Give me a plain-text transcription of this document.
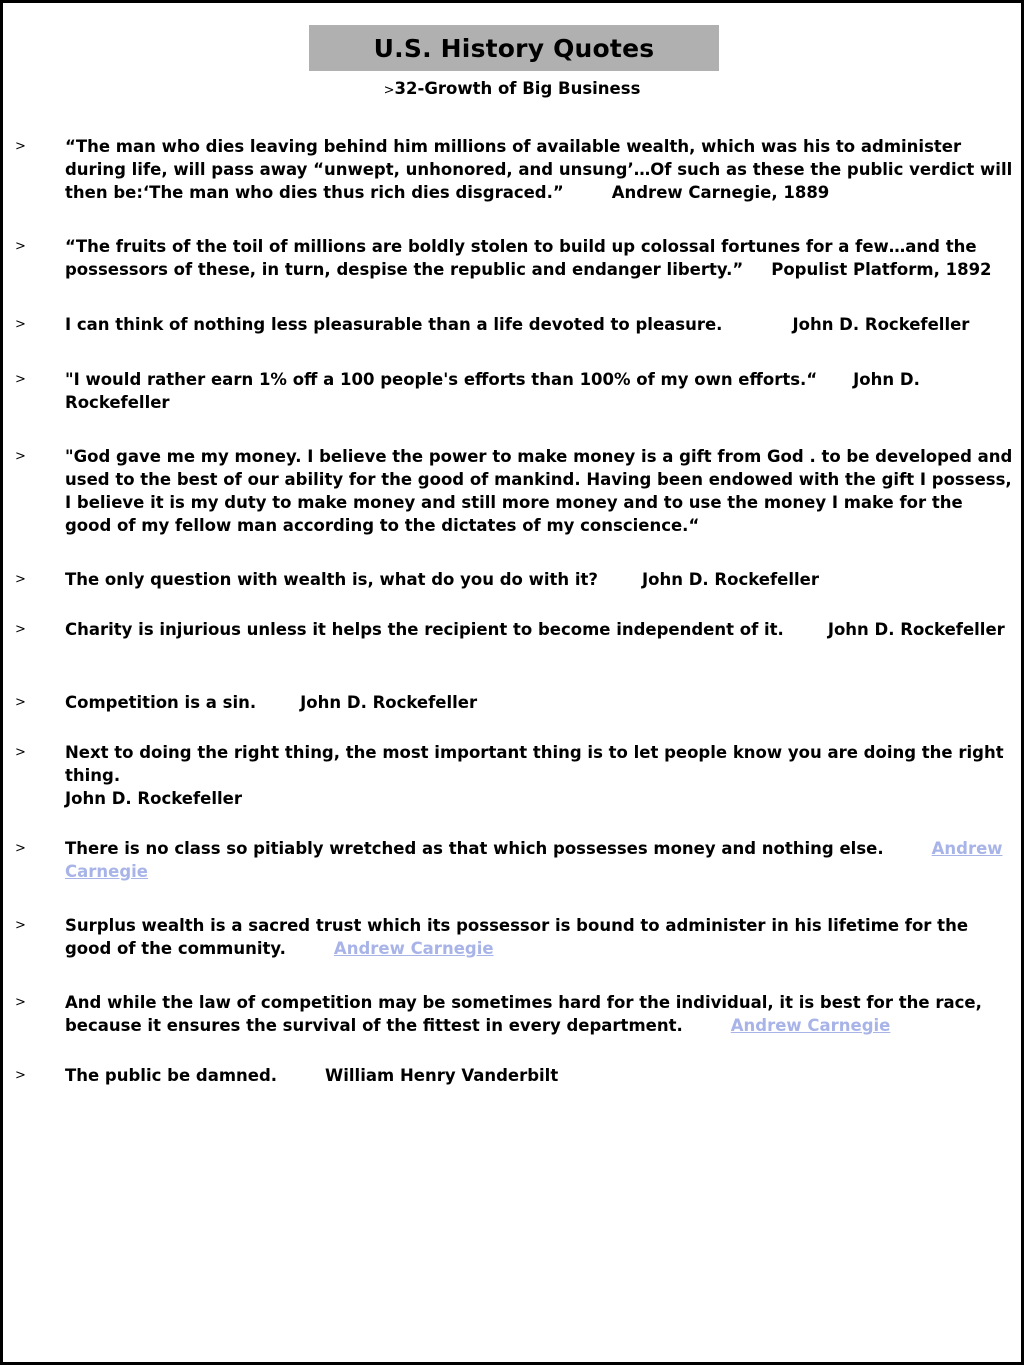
U.S. History Quotes
>32-Growth of Big Business
> “The man who dies leaving behind him millions of available wealth, which was his to administer during life, will pass away “unwept, unhonored, and unsung’…Of such as these the public verdict will then be:‘The man who dies thus rich dies disgraced.”	Andrew Carnegie, 1889
> “The fruits of the toil of millions are boldly stolen to build up colossal fortunes for a few…and the possessors of these, in turn, despise the republic and endanger liberty.” Populist Platform, 1892
> I can think of nothing less pleasurable than a life devoted to pleasure.	John D. Rockefeller
> "I would rather earn 1% off a 100 people's efforts than 100% of my own efforts.“ John D. Rockefeller
> "God gave me my money. I believe the power to make money is a gift from God . to be developed and used to the best of our ability for the good of mankind. Having been endowed with the gift I possess, I believe it is my duty to make money and still more money and to use the money I make for the good of my fellow man according to the dictates of my conscience.“
> The only question with wealth is, what do you do with it?	John D. Rockefeller
> Charity is injurious unless it helps the recipient to become independent of it.	John D. Rockefeller
> Competition is a sin.	John D. Rockefeller
> Next to doing the right thing, the most important thing is to let people know you are doing the right thing.
John D. Rockefeller
> There is no class so pitiably wretched as that which possesses money and nothing else.	Andrew Carnegie
> Surplus wealth is a sacred trust which its possessor is bound to administer in his lifetime for the good of the community.	Andrew Carnegie
> And while the law of competition may be sometimes hard for the individual, it is best for the race, because it ensures the survival of the fittest in every department.	Andrew Carnegie
> The public be damned.	William Henry Vanderbilt
